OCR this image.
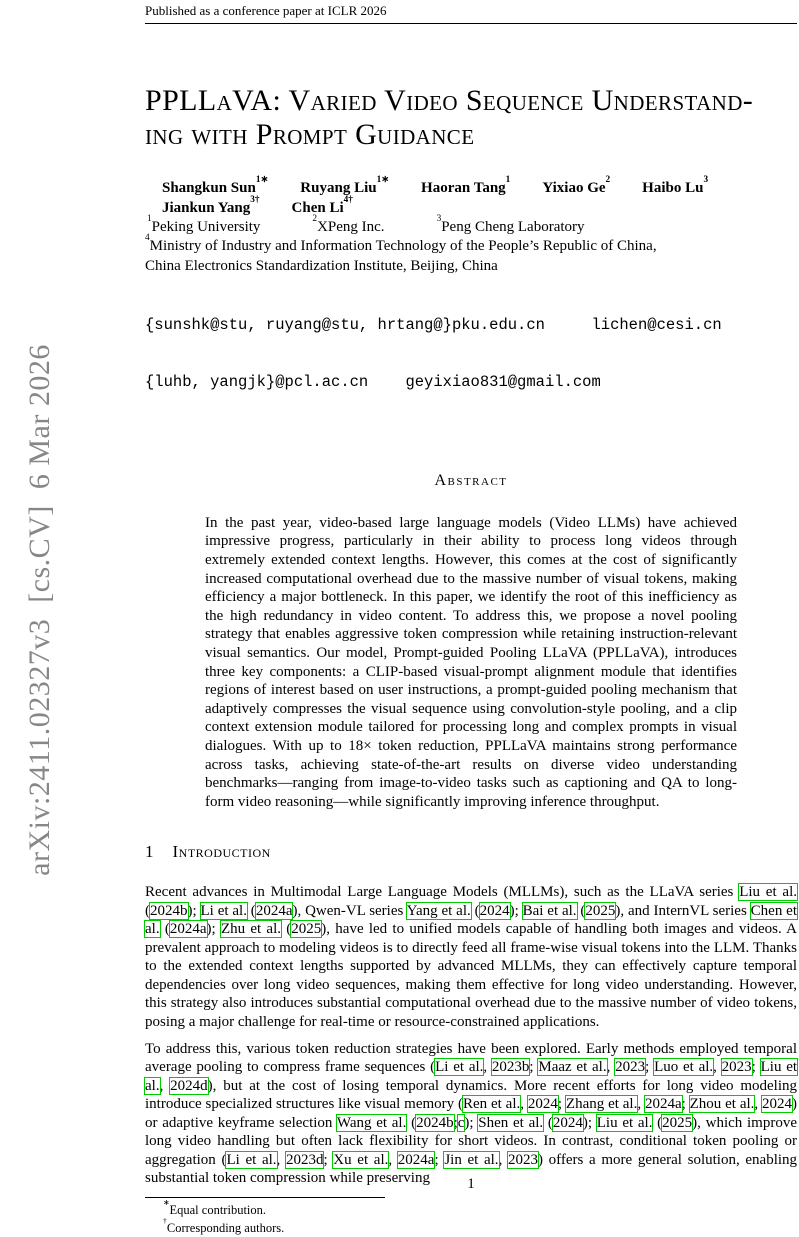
arXiv:2411.02327v3  [cs.CV]  6 Mar 2026
Published as a conference paper at ICLR 2026
PPLLaVA: Varied Video Sequence Understand-
ing with Prompt Guidance
Shangkun Sun$^{1∗}$ Ruyang Liu$^{1∗}$ Haoran Tang$^1$ Yixiao Ge$^2$ Haibo Lu$^3$
Jiankun Yang$^{3\dagger}$ Chen $Li^{4\dagger}$
$^1$Peking University	$^2$XPeng Inc.	$^3$Peng Cheng Laboratory
$^4$Ministry of Industry and Information Technology of the People’s Republic of China,
China Electronics Standardization Institute, Beijing, China

{sunshk@stu, ruyang@stu, hrtang@}pku.edu.cn     lichen@cesi.cn

{luhb, yangjk}@pcl.ac.cn    geyixiao831@gmail.com

Abstract
In the past year, video-based large language models (Video LLMs) have achieved impressive progress, particularly in their ability to process long videos through extremely extended context lengths. However, this comes at the cost of significantly increased computational overhead due to the massive number of visual tokens, making efficiency a major bottleneck. In this paper, we identify the root of this inefficiency as the high redundancy in video content. To address this, we propose a novel pooling strategy that enables aggressive token compression while retaining instruction-relevant visual semantics. Our model, Prompt-guided Pooling LLaVA (PPLLaVA), introduces three key components: a CLIP-based visual-prompt alignment module that identifies regions of interest based on user instructions, a prompt-guided pooling mechanism that adaptively compresses the visual sequence using convolution-style pooling, and a clip context extension module tailored for processing long and complex prompts in visual dialogues. With up to 18× token reduction, PPLLaVA maintains strong performance across tasks, achieving state-of-the-art results on diverse video understanding benchmarks—ranging from image-to-video tasks such as captioning and QA to long-form video reasoning—while significantly improving inference throughput.
1 Introduction
Recent advances in Multimodal Large Language Models (MLLMs), such as the LLaVA series Liu et al. (2024b); Li et al. (2024a), Qwen-VL series Yang et al. (2024); Bai et al. (2025), and InternVL series Chen et al. (2024a); Zhu et al. (2025), have led to unified models capable of handling both images and videos. A prevalent approach to modeling videos is to directly feed all frame-wise visual tokens into the LLM. Thanks to the extended context lengths supported by advanced MLLMs, they can effectively capture temporal dependencies over long video sequences, making them effective for long video understanding. However, this strategy also introduces substantial computational overhead due to the massive number of video tokens, posing a major challenge for real-time or resource-constrained applications.
To address this, various token reduction strategies have been explored. Early methods employed temporal average pooling to compress frame sequences (Li et al., 2023b; Maaz et al., 2023; Luo et al., 2023; Liu et al., 2024d), but at the cost of losing temporal dynamics. More recent efforts for long video modeling introduce specialized structures like visual memory (Ren et al., 2024; Zhang et al., 2024a; Zhou et al., 2024) or adaptive keyframe selection Wang et al. (2024b;c); Shen et al. (2024); Liu et al. (2025), which improve long video handling but often lack flexibility for short videos. In contrast, conditional token pooling or aggregation (Li et al., 2023d; Xu et al., 2024a; Jin et al., 2023) offers a more general solution, enabling substantial token compression while preserving
∗Equal contribution.
†Corresponding authors.
1
